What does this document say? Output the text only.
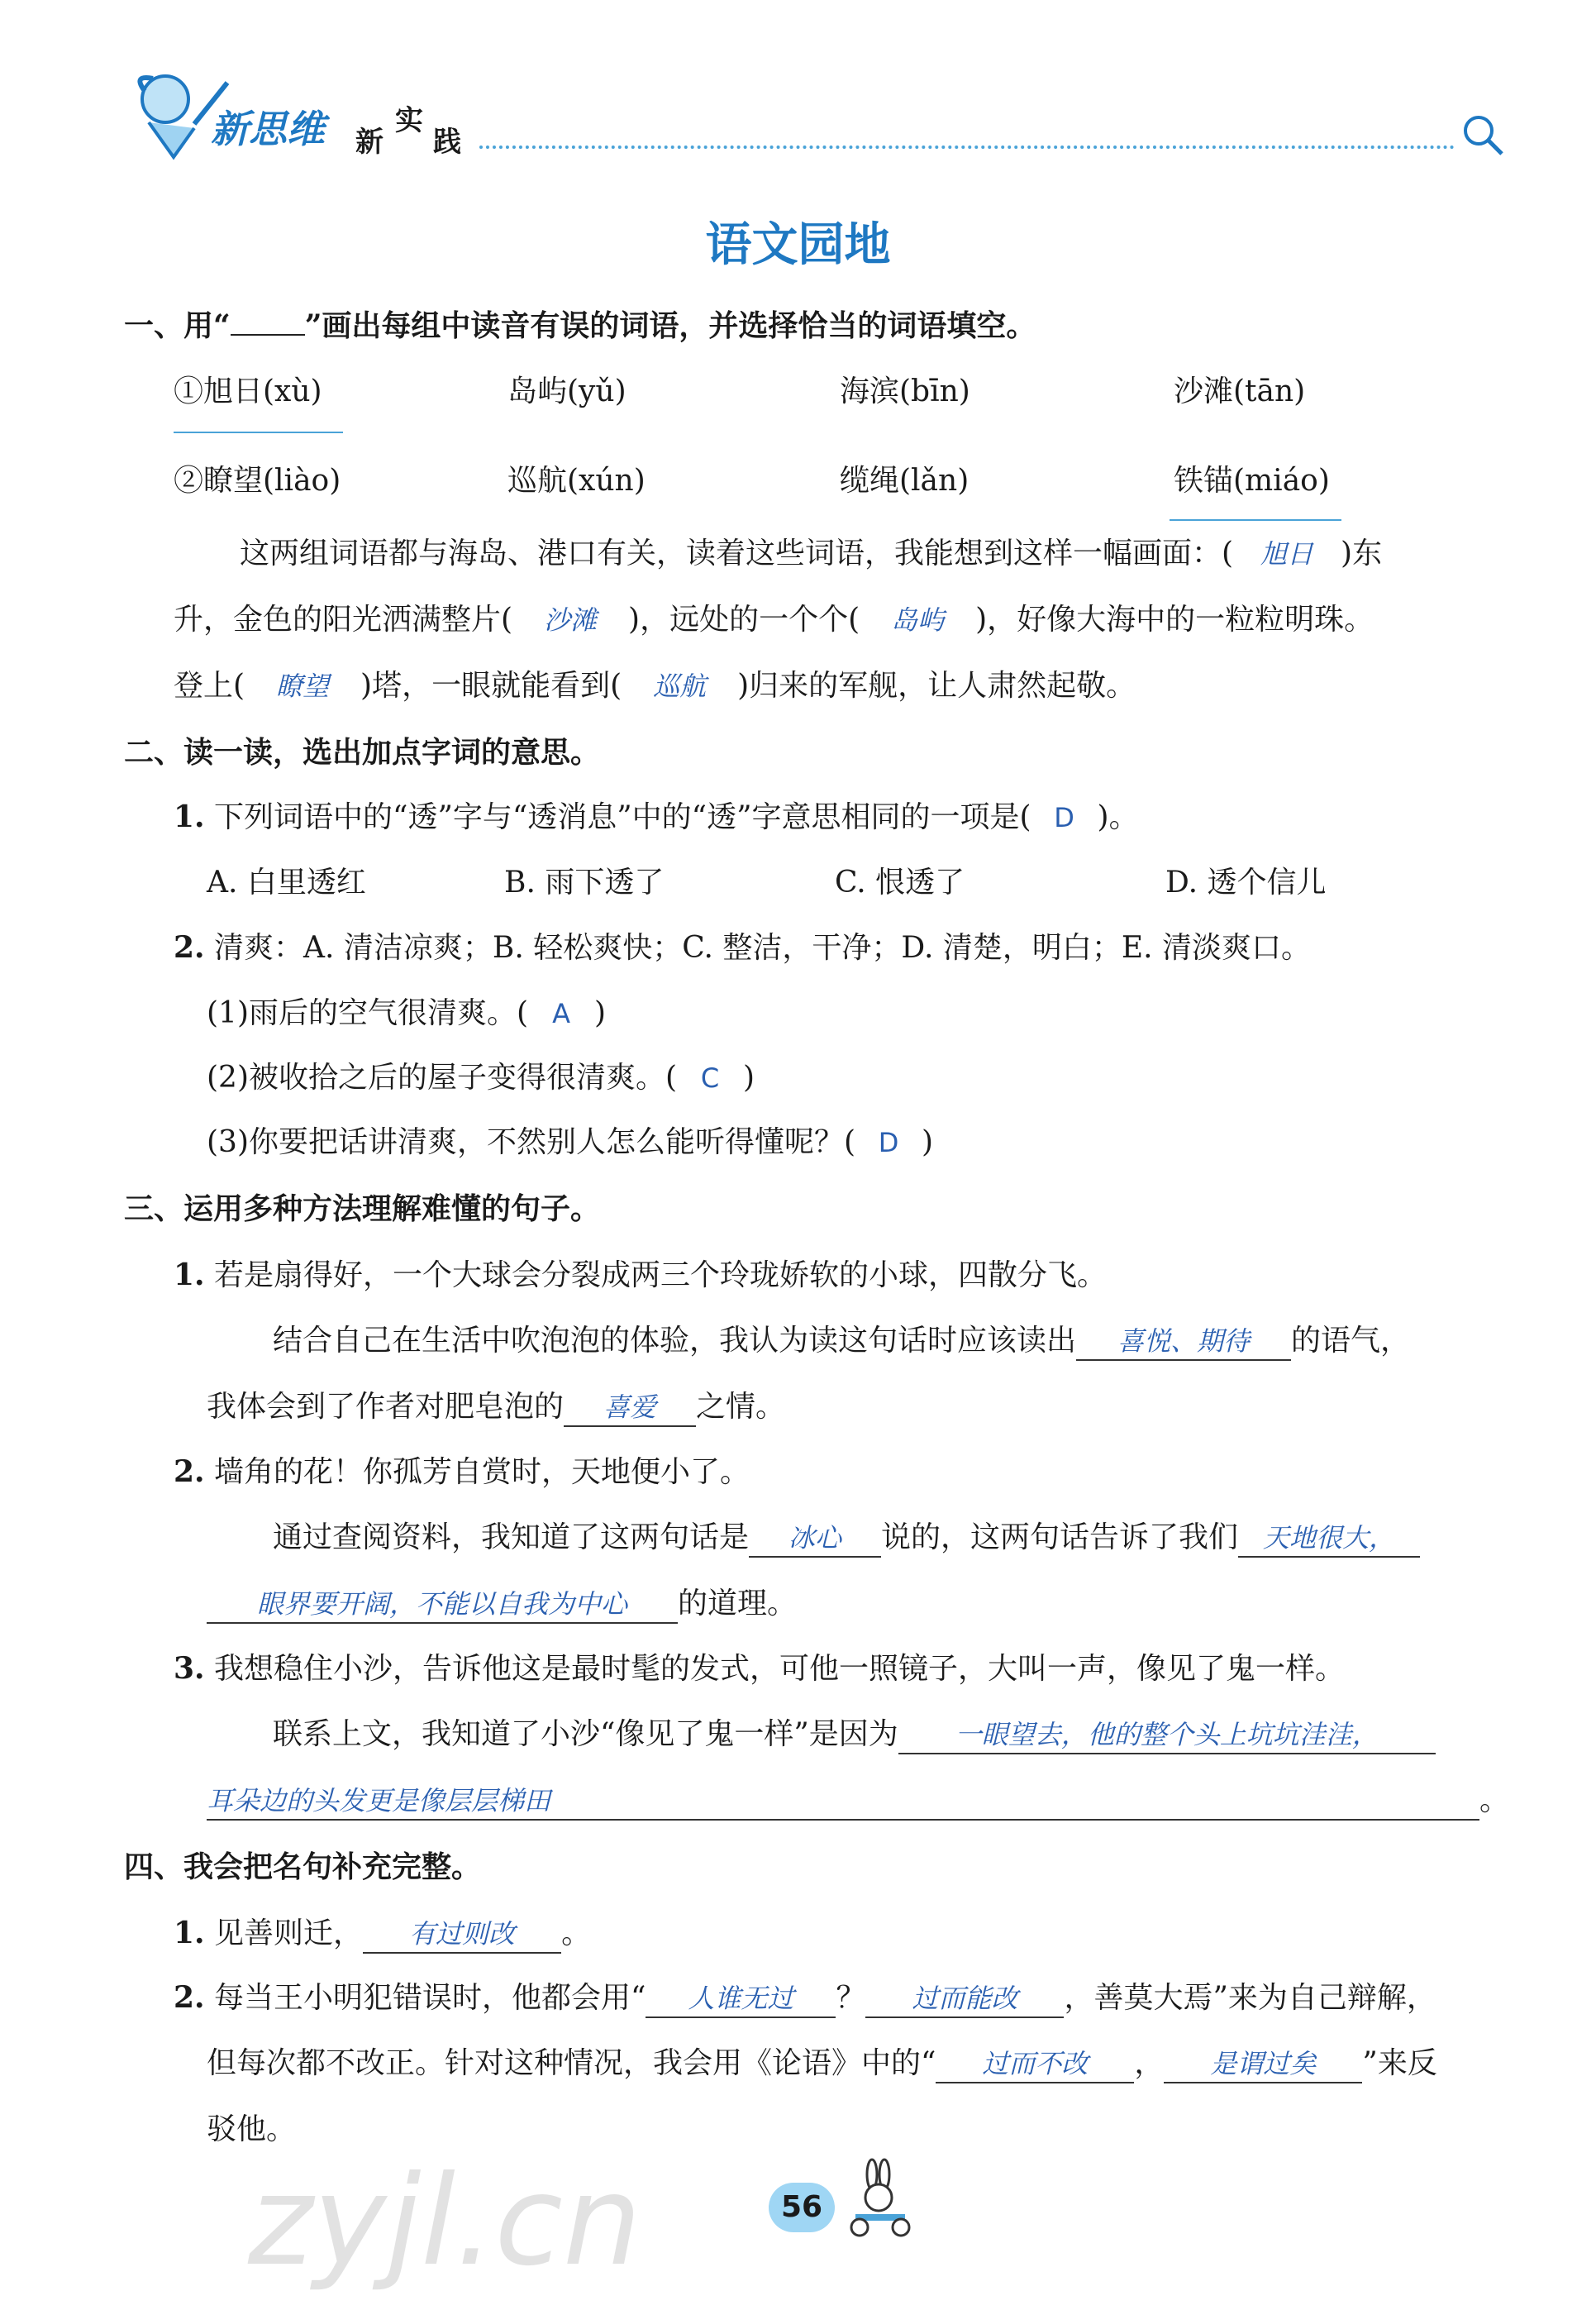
新思维 新
实
践
语文园地
一、用“	”画出每组中读音有误的词语，并选择恰当的词语填空。
①旭日(xù)	岛屿(yǔ)	海滨(bīn)	沙滩(tān)
②瞭望(liào)	巡航(xún)	缆绳(lǎn)	铁锚(miáo)
这两组词语都与海岛、港口有关，读着这些词语，我能想到这样一幅画面：( 旭日 )东
升，金色的阳光洒满整片( 沙滩 )，远处的一个个( 岛屿 )，好像大海中的一粒粒明珠。
登上( 瞭望 )塔，一眼就能看到( 巡航 )归来的军舰，让人肃然起敬。
二、读一读，选出加点字词的意思。
1. 下列词语中的“透”字与“透消息”中的“透”字意思相同的一项是( D )。
A. 白里透红	B. 雨下透了	C. 恨透了	D. 透个信儿
2. 清爽：A. 清洁凉爽；B. 轻松爽快；C. 整洁，干净；D. 清楚，明白；E. 清淡爽口。
(1)雨后的空气很清爽。( A )
(2)被收拾之后的屋子变得很清爽。( C )
(3)你要把话讲清爽，不然别人怎么能听得懂呢？( D )
三、运用多种方法理解难懂的句子。
1. 若是扇得好，一个大球会分裂成两三个玲珑娇软的小球，四散分飞。
结合自己在生活中吹泡泡的体验，我认为读这句话时应该读出 喜悦、期待 的语气，
我体会到了作者对肥皂泡的 喜爱 之情。
2. 墙角的花！你孤芳自赏时，天地便小了。
通过查阅资料，我知道了这两句话是 冰心 说的，这两句话告诉了我们 天地很大，
眼界要开阔，不能以自我为中心 的道理。
3. 我想稳住小沙，告诉他这是最时髦的发式，可他一照镜子，大叫一声，像见了鬼一样。
联系上文，我知道了小沙“像见了鬼一样”是因为 一眼望去，他的整个头上坑坑洼洼，
耳朵边的头发更是像层层梯田	。
四、我会把名句补充完整。
1. 见善则迁， 有过则改 。
2. 每当王小明犯错误时，他都会用“ 人谁无过 ？ 过而能改 ，善莫大焉”来为自己辩解，
但每次都不改正。针对这种情况，我会用《论语》中的“ 过而不改 ， 是谓过矣 ”来反
驳他。
zyjl.cn	56
